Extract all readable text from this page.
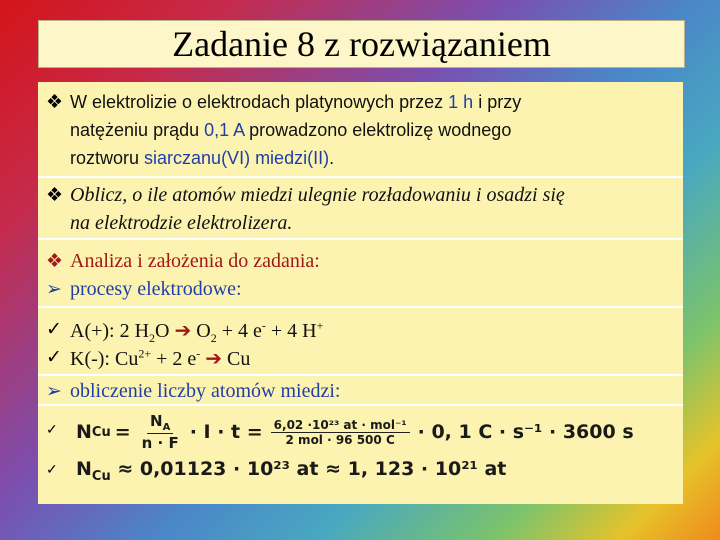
Zadanie 8 z rozwiązaniem
❖ W elektrolizie o elektrodach platynowych przez 1 h i przy
natężeniu prądu 0,1 A prowadzono elektrolizę wodnego
roztworu siarczanu(VI) miedzi(II).
❖ Oblicz, o ile atomów miedzi ulegnie rozładowaniu i osadzi się
na elektrodzie elektrolizera.
❖ Analiza i założenia do zadania:
➢ procesy elektrodowe:
✓ A(+): 2 $H_2O$ ➔ $O_2 + 4$ e- + 4 H+
✓ K(-): $Cu^{2+} + 2$ e- ➔ Cu
➢ obliczenie liczby atomów miedzi:
✓ N $Cu = \frac{N_A}{n \cdot F} \cdot I \cdot t = \frac{\text{6,02 ·10²³ at · mol⁻¹}}{\text{2 mol · 96 500 C}} \cdot 0$, 1 C · s⁻¹ · 3600 s
✓ $N_{Cu} \approx 0,01123 \cdot 10^{23}$ at ≈ 1, 123 · 10²¹ at
